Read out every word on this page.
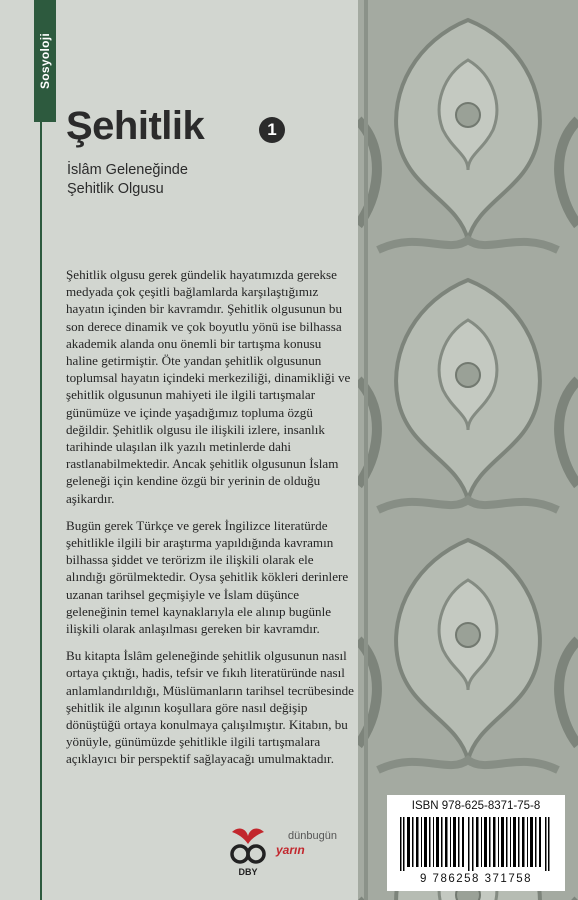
Sosyoloji
Şehitlik	1
İslâm Geleneğinde
Şehitlik Olgusu

Şehitlik olgusu gerek gündelik hayatımızda gerekse medyada çok çeşitli bağlamlarda karşılaştığımız hayatın içinden bir kavramdır. Şehitlik olgusunun bu son derece dinamik ve çok boyutlu yönü ise bilhassa akademik alanda onu önemli bir tartışma konusu haline getirmiştir. Öte yandan şehitlik olgusunun toplumsal hayatın içindeki merkeziliği, dinamikliği ve şehitlik olgusunun mahiyeti ile ilgili tartışmalar günümüze ve içinde yaşadığımız topluma özgü değildir. Şehitlik olgusu ile ilişkili izlere, insanlık tarihinde ulaşılan ilk yazılı metinlerde dahi rastlanabilmektedir. Ancak şehitlik olgusunun İslam geleneği için kendine özgü bir yerinin de olduğu aşikardır.

Bugün gerek Türkçe ve gerek İngilizce literatürde şehitlikle ilgili bir araştırma yapıldığında kavramın bilhassa şiddet ve terörizm ile ilişkili olarak ele alındığı görülmektedir. Oysa şehitlik kökleri derinlere uzanan tarihsel geçmişiyle ve İslam düşünce geleneğinin temel kaynaklarıyla ele alınıp bugünle ilişkili olarak anlaşılması gereken bir kavramdır.

Bu kitapta İslâm geleneğinde şehitlik olgusunun nasıl ortaya çıktığı, hadis, tefsir ve fıkıh literatüründe nasıl anlamlandırıldığı, Müslümanların tarihsel tecrübesinde şehitlik ile algının koşullara göre nasıl değişip dönüştüğü ortaya konulmaya çalışılmıştır. Kitabın, bu yönüyle, günümüzde şehitlikle ilgili tartışmalara açıklayıcı bir perspektif sağlayacağı umulmaktadır.

ISBN 978-625-8371-75-8
9 786258 371758
DBY
dünbugün
yarın
